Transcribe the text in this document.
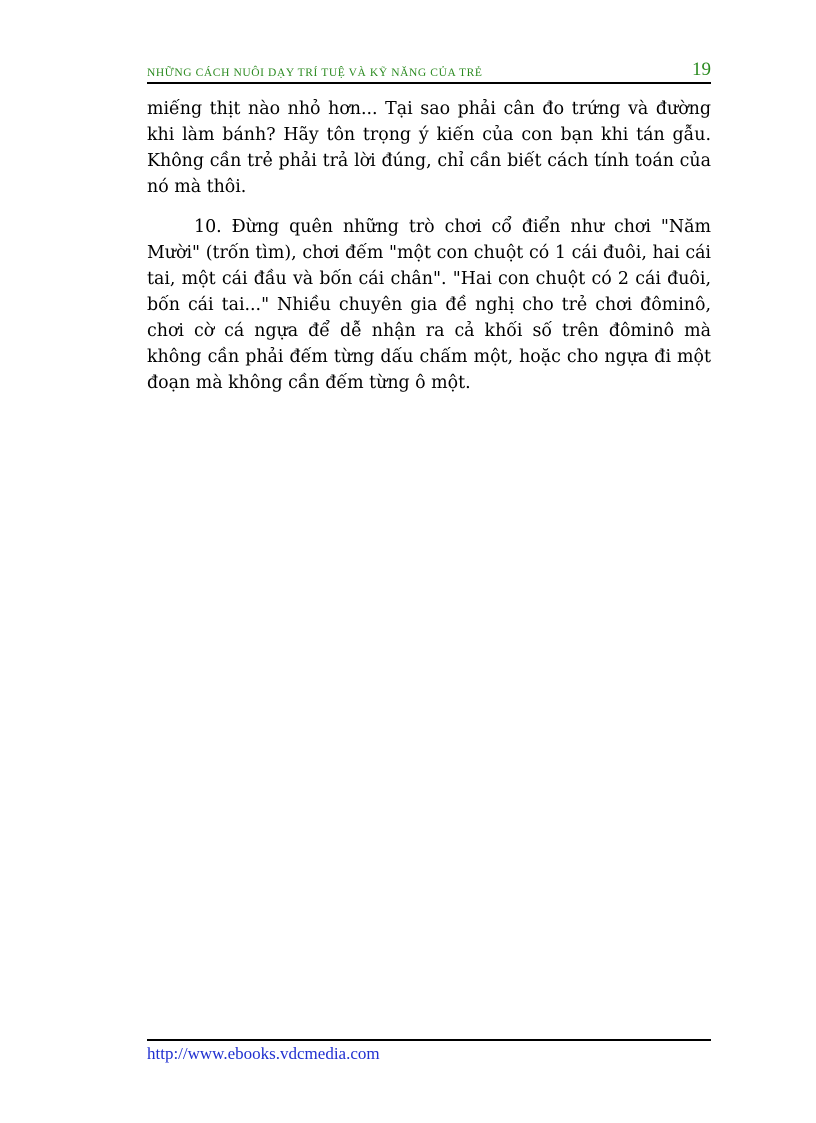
NHỮNG CÁCH NUÔI DẠY TRÍ TUỆ VÀ KỸ NĂNG CỦA TRẺ	19

miếng thịt nào nhỏ hơn... Tại sao phải cân đo trứng và đường khi làm bánh? Hãy tôn trọng ý kiến của con bạn khi tán gẫu. Không cần trẻ phải trả lời đúng, chỉ cần biết cách tính toán của nó mà thôi.

10. Đừng quên những trò chơi cổ điển như chơi "Năm Mười" (trốn tìm), chơi đếm "một con chuột có 1 cái đuôi, hai cái tai, một cái đầu và bốn cái chân". "Hai con chuột có 2 cái đuôi, bốn cái tai..." Nhiều chuyên gia đề nghị cho trẻ chơi đôminô, chơi cờ cá ngựa để dễ nhận ra cả khối số trên đôminô mà không cần phải đếm từng dấu chấm một, hoặc cho ngựa đi một đoạn mà không cần đếm từng ô một.

http://www.ebooks.vdcmedia.com
